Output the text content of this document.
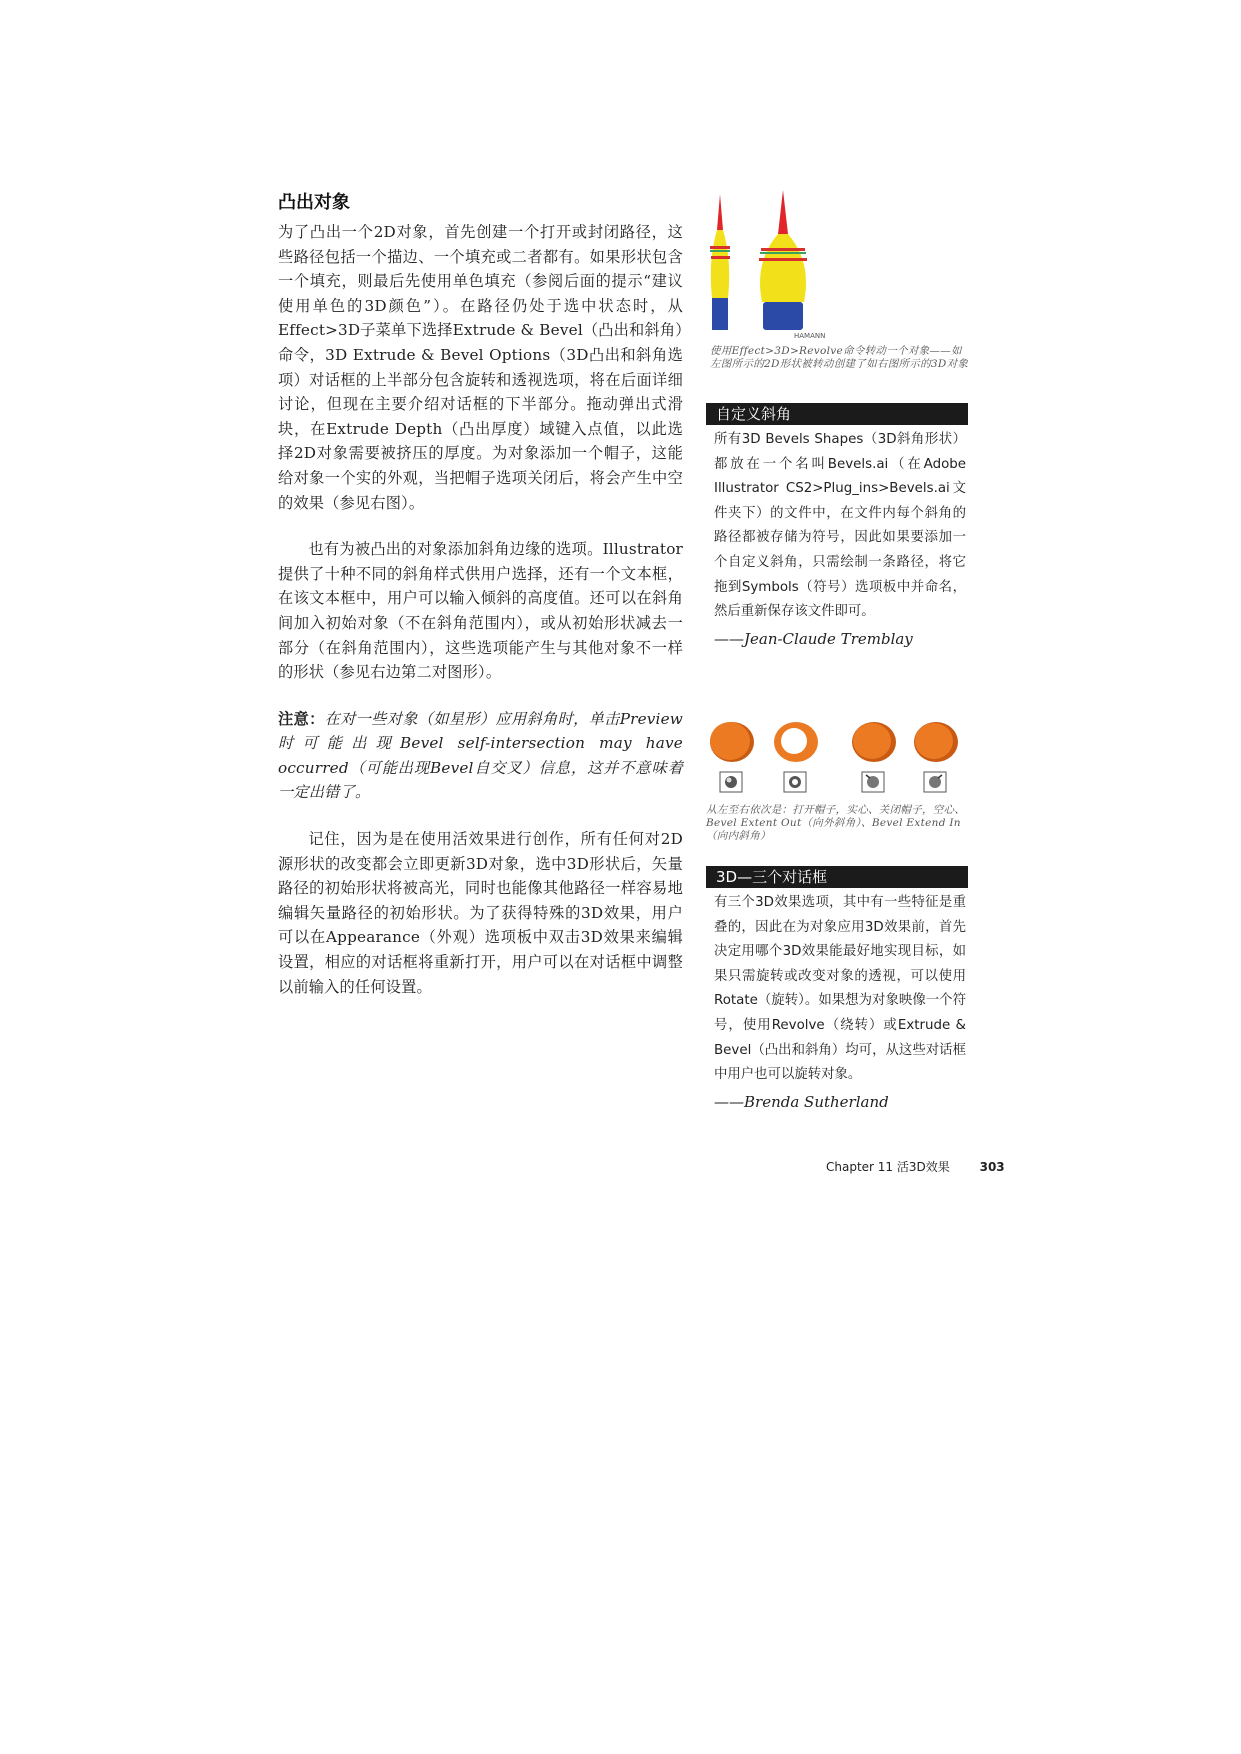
凸出对象

为了凸出一个2D对象，首先创建一个打开或封闭路径，这些路径包括一个描边、一个填充或二者都有。如果形状包含一个填充，则最后先使用单色填充（参阅后面的提示“建议使用单色的3D颜色”）。在路径仍处于选中状态时，从Effect>3D子菜单下选择Extrude & Bevel（凸出和斜角）命令，3D Extrude & Bevel Options（3D凸出和斜角选项）对话框的上半部分包含旋转和透视选项，将在后面详细讨论，但现在主要介绍对话框的下半部分。拖动弹出式滑块，在Extrude Depth（凸出厚度）域键入点值，以此选择2D对象需要被挤压的厚度。为对象添加一个帽子，这能给对象一个实的外观，当把帽子选项关闭后，将会产生中空的效果（参见右图）。

也有为被凸出的对象添加斜角边缘的选项。Illustrator提供了十种不同的斜角样式供用户选择，还有一个文本框，在该文本框中，用户可以输入倾斜的高度值。还可以在斜角间加入初始对象（不在斜角范围内），或从初始形状减去一部分（在斜角范围内），这些选项能产生与其他对象不一样的形状（参见右边第二对图形）。

注意：在对一些对象（如星形）应用斜角时，单击Preview时可能出现Bevel self-intersection may have occurred（可能出现Bevel自交叉）信息，这并不意味着一定出错了。

记住，因为是在使用活效果进行创作，所有任何对2D源形状的改变都会立即更新3D对象，选中3D形状后，矢量路径的初始形状将被高光，同时也能像其他路径一样容易地编辑矢量路径的初始形状。为了获得特殊的3D效果，用户可以在Appearance（外观）选项板中双击3D效果来编辑设置，相应的对话框将重新打开，用户可以在对话框中调整以前输入的任何设置。

HAMANN
使用Effect>3D>Revolve命令转动一个对象——如左图所示的2D形状被转动创建了如右图所示的3D对象
自定义斜角
所有3D Bevels Shapes（3D斜角形状）都放在一个名叫Bevels.ai（在Adobe Illustrator CS2>Plug_ins>Bevels.ai文件夹下）的文件中，在文件内每个斜角的路径都被存储为符号，因此如果要添加一个自定义斜角，只需绘制一条路径，将它拖到Symbols（符号）选项板中并命名，然后重新保存该文件即可。
——Jean-Claude Tremblay
从左至右依次是：打开帽子，实心、关闭帽子，空心、Bevel Extent Out（向外斜角）、Bevel Extend In（向内斜角）
3D—三个对话框
有三个3D效果选项，其中有一些特征是重叠的，因此在为对象应用3D效果前，首先决定用哪个3D效果能最好地实现目标，如果只需旋转或改变对象的透视，可以使用Rotate（旋转）。如果想为对象映像一个符号，使用Revolve（绕转）或Extrude & Bevel（凸出和斜角）均可，从这些对话框中用户也可以旋转对象。
——Brenda Sutherland
Chapter 11 活3D效果 303
